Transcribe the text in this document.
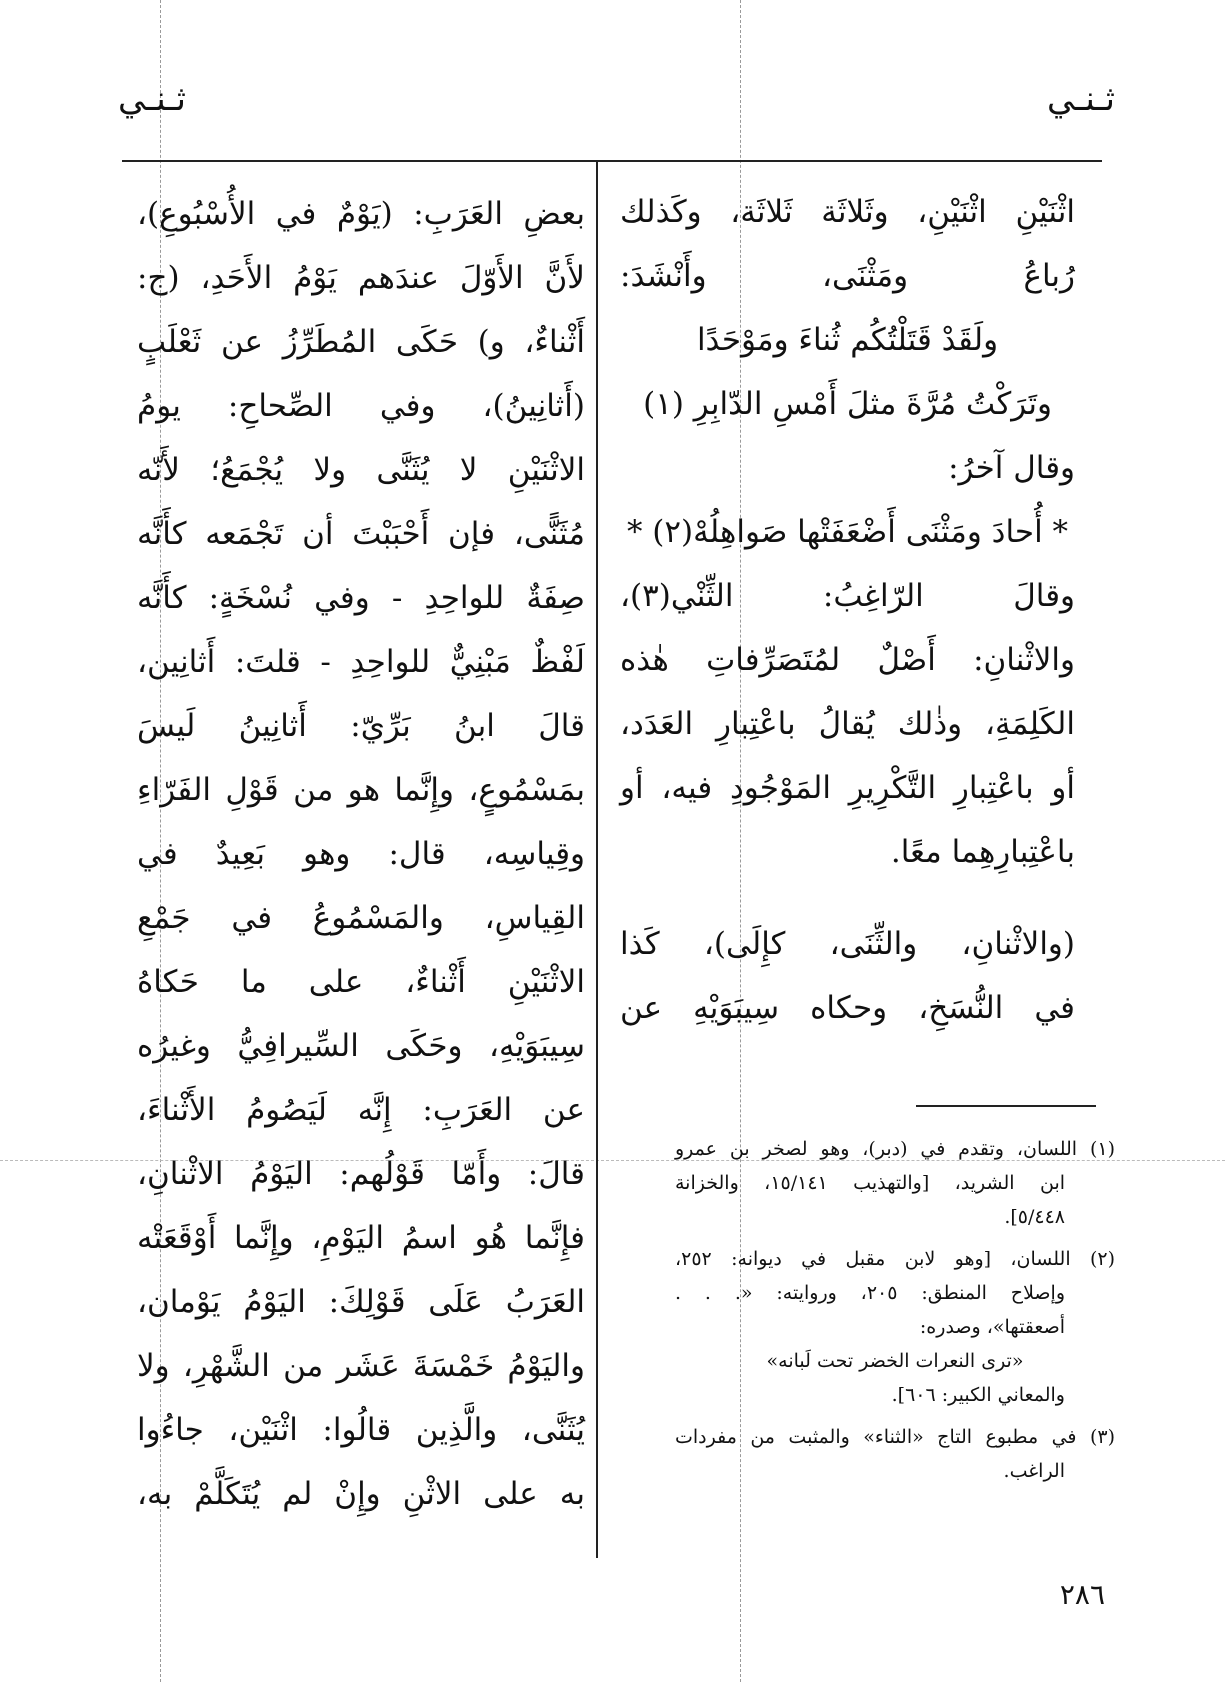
ثـنـي
ثـنـي
اثْنَيْنِ اثْنَيْنِ، وثَلاثَة ثَلاثَة، وكَذلك
رُباعُ ومَثْنَى، وأَنْشَدَ:
ولَقَدْ قَتَلْتُكُم ثُناءَ ومَوْحَدًا
وتَرَكْتُ مُرَّةَ مثلَ أَمْسِ الدّابِرِ (١)
وقال آخرُ:
* أُحادَ ومَثْنَى أَضْعَفَتْها صَواهِلُهْ(٢) *
وقالَ الرّاغِبُ: الثِّنْي(٣)،
والاثْنانِ: أَصْلٌ لمُتَصَرِّفاتِ هٰذه
الكَلِمَةِ، وذٰلك يُقالُ باعْتِبارِ العَدَد،
أو باعْتِبارِ التَّكْرِيرِ المَوْجُودِ فيه، أو
باعْتِبارِهِما معًا.
(والاثْنانِ، والثِّنَى، كإِلَى)، كَذا
في النُّسَخِ، وحكاه سِيبَوَيْهِ عن
بعضِ العَرَبِ: (يَوْمٌ في الأُسْبُوعِ)،
لأَنَّ الأَوّلَ عندَهم يَوْمُ الأَحَدِ، (ج:
أَثْناءٌ، و) حَكَى المُطَرِّزُ عن ثَعْلَبٍ
(أَثانِينُ)، وفي الصِّحاحِ: يومُ
الاثْنَيْنِ لا يُثَنَّى ولا يُجْمَعُ؛ لأَنّه
مُثَنًّى، فإن أَحْبَبْتَ أن تَجْمَعه كأَنَّه
صِفَةٌ للواحِدِ - وفي نُسْخَةٍ: كأَنَّه
لَفْظٌ مَبْنِيٌّ للواحِدِ - قلتَ: أَثانِين،
قالَ ابنُ بَرِّيّ: أَثانِينُ لَيسَ
بمَسْمُوعٍ، وإِنَّما هو من قَوْلِ الفَرّاءِ
وقِياسِه، قال: وهو بَعِيدٌ في
القِياسِ، والمَسْمُوعُ في جَمْعِ
الاثْنَيْنِ أَثْناءٌ، على ما حَكاهُ
سِيبَوَيْهِ، وحَكَى السِّيرافِيُّ وغيرُه
عن العَرَبِ: إِنَّه لَيَصُومُ الأَثْناءَ،
قالَ: وأَمّا قَوْلُهم: اليَوْمُ الاثْنانِ،
فإِنَّما هُو اسمُ اليَوْمِ، وإِنَّما أَوْقَعَتْه
العَرَبُ عَلَى قَوْلِكَ: اليَوْمُ يَوْمان،
واليَوْمُ خَمْسَةَ عَشَر من الشَّهْرِ، ولا
يُثَنَّى، والَّذِين قالُوا: اثْنَيْن، جاءُوا
به على الاثْنِ وإِنْ لم يُتَكَلَّمْ به،
(١) اللسان، وتقدم في (دبر)، وهو لصخر بن عمرو
ابن الشريد، [والتهذيب ١٥/١٤١، والخزانة
٥/٤٤٨].
(٢) اللسان، [وهو لابن مقبل في ديوانه: ٢٥٢،
وإصلاح المنطق: ٢٠٥، وروايته: «. . .
أصعقتها»، وصدره:
«ترى النعرات الخضر تحت لَبانه»
والمعاني الكبير: ٦٠٦].
(٣) في مطبوع التاج «الثناء» والمثبت من مفردات
الراغب.
٢٨٦
